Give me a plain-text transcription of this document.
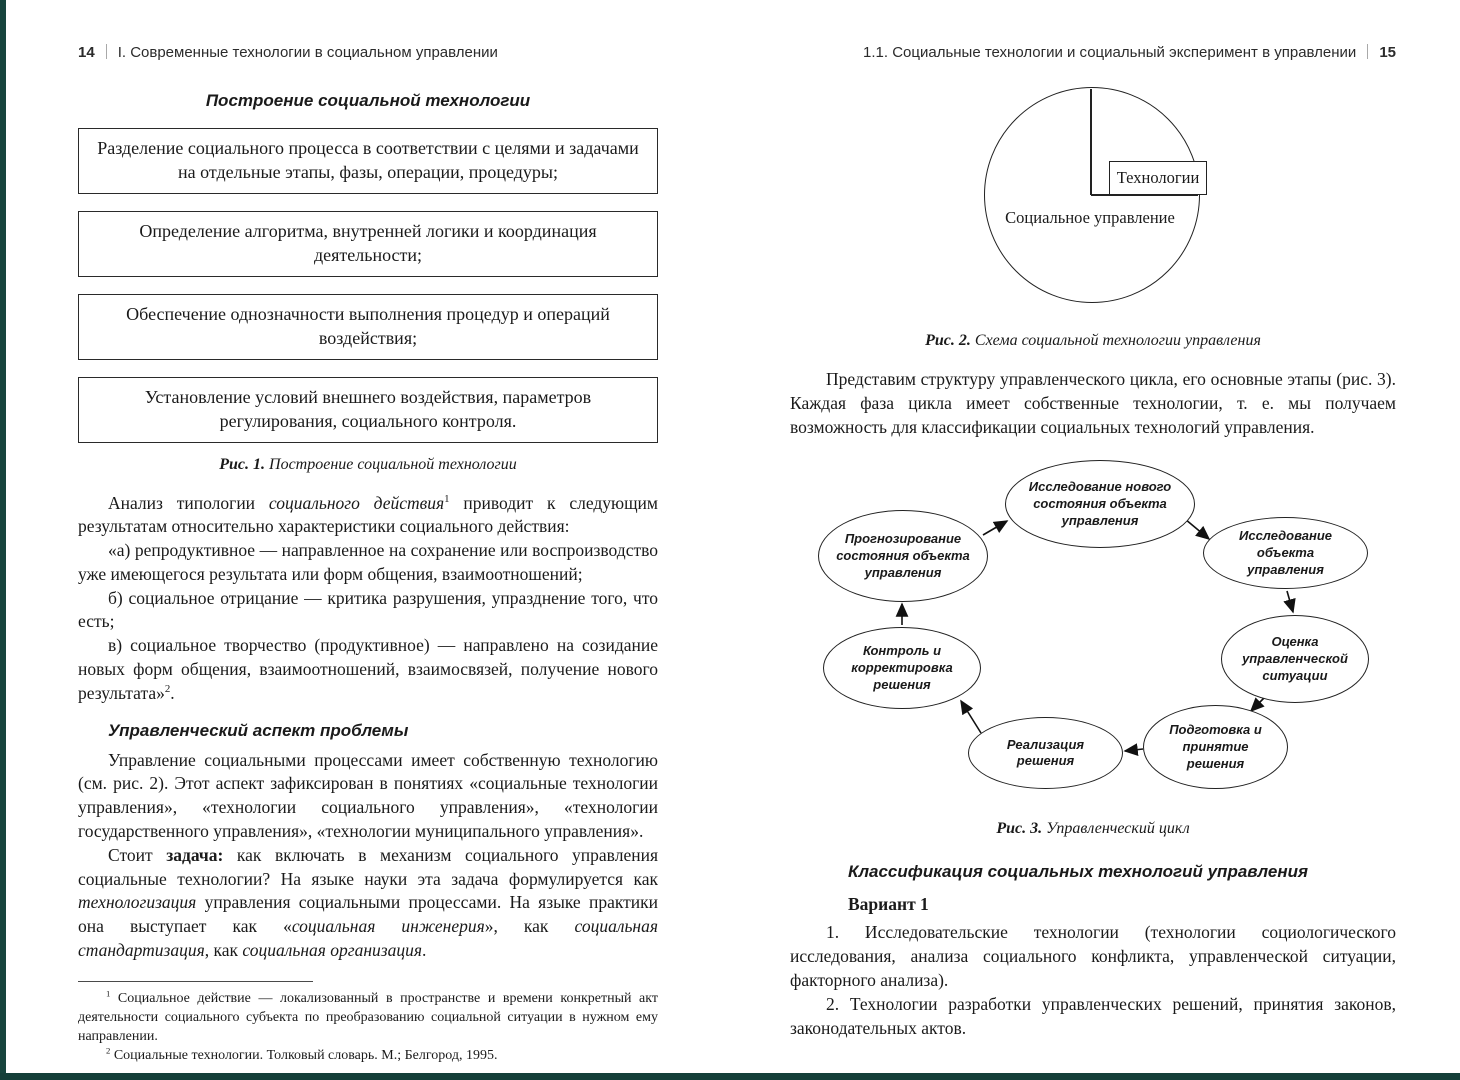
14 I. Современные технологии в социальном управлении
Построение социальной технологии
Разделение социального процесса в соответствии с целями и задачами на отдельные этапы, фазы, операции, процедуры;
Определение алгоритма, внутренней логики и координация деятельности;
Обеспечение однозначности выполнения процедур и операций воздействия;
Установление условий внешнего воздействия, параметров регулирования, социального контроля.

Рис. 1. Построение социальной технологии

Анализ типологии социального действия$^1$ приводит к следующим результатам относительно характеристики социального действия:

«а) репродуктивное — направленное на сохранение или воспроизводство уже имеющегося результата или форм общения, взаимоотношений;

б) социальное отрицание — критика разрушения, упразднение того, что есть;

в) социальное творчество (продуктивное) — направлено на созидание новых форм общения, взаимоотношений, взаимосвязей, получение нового результата»$^2$.

Управленческий аспект проблемы

Управление социальными процессами имеет собственную технологию (см. рис. 2). Этот аспект зафиксирован в понятиях «социальные технологии управления», «технологии социального управления», «технологии государственного управления», «технологии муниципального управления».

Стоит задача: как включать в механизм социального управления социальные технологии? На языке науки эта задача формулируется как технологизация управления социальными процессами. На языке практики она выступает как «социальная инженерия», как социальная стандартизация, как социальная организация.

$^1$ Социальное действие — локализованный в пространстве и времени конкретный акт деятельности социального субъекта по преобразованию социальной ситуации в нужном ему направлении.

$^2$ Социальные технологии. Толковый словарь. М.; Белгород, 1995.

1.1. Социальные технологии и социальный эксперимент в управлении 15
Технологии
Социальное управление

Рис. 2. Схема социальной технологии управления

Представим структуру управленческого цикла, его основные этапы (рис. 3). Каждая фаза цикла имеет собственные технологии, т. е. мы получаем возможность для классификации социальных технологий управления.

Исследование нового состояния объекта управления
Исследование объекта управления
Оценка управленческой ситуации
Подготовка и принятие решения
Реализация решения
Контроль и корректировка решения
Прогнозирование состояния объекта управления

Рис. 3. Управленческий цикл

Классификация социальных технологий управления
Вариант 1

1. Исследовательские технологии (технологии социологического исследования, анализа социального конфликта, управленческой ситуации, факторного анализа).

2. Технологии разработки управленческих решений, принятия законов, законодательных актов.
